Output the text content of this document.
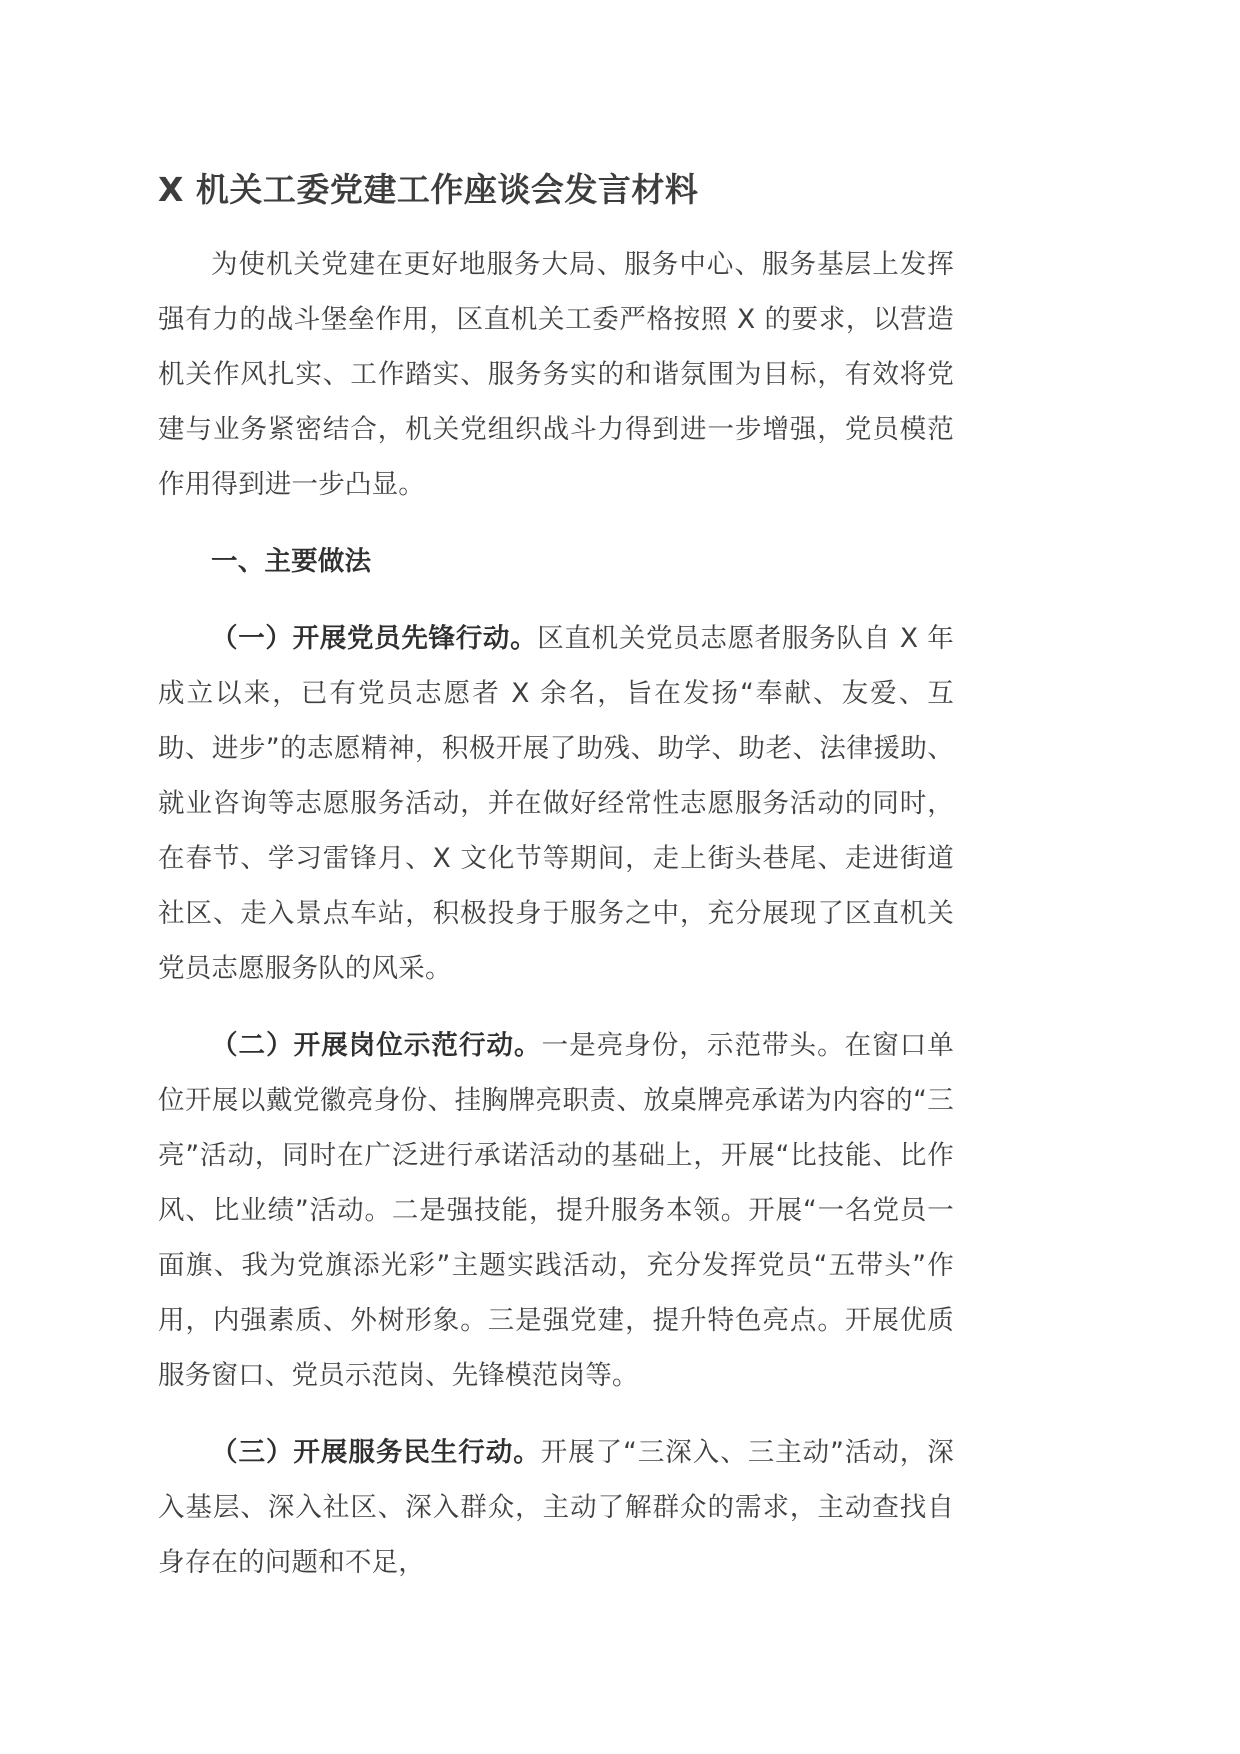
X 机关工委党建工作座谈会发言材料

为使机关党建在更好地服务大局、服务中心、服务基层上发挥强有力的战斗堡垒作用，区直机关工委严格按照 X 的要求，以营造机关作风扎实、工作踏实、服务务实的和谐氛围为目标，有效将党建与业务紧密结合，机关党组织战斗力得到进一步增强，党员模范作用得到进一步凸显。

一、主要做法

（一）开展党员先锋行动。区直机关党员志愿者服务队自 X 年成立以来，已有党员志愿者 X 余名，旨在发扬“奉献、友爱、互助、进步”的志愿精神，积极开展了助残、助学、助老、法律援助、就业咨询等志愿服务活动，并在做好经常性志愿服务活动的同时，在春节、学习雷锋月、X 文化节等期间，走上街头巷尾、走进街道社区、走入景点车站，积极投身于服务之中，充分展现了区直机关党员志愿服务队的风采。

（二）开展岗位示范行动。一是亮身份，示范带头。在窗口单位开展以戴党徽亮身份、挂胸牌亮职责、放桌牌亮承诺为内容的“三亮”活动，同时在广泛进行承诺活动的基础上，开展“比技能、比作风、比业绩”活动。二是强技能，提升服务本领。开展“一名党员一面旗、我为党旗添光彩”主题实践活动，充分发挥党员“五带头”作用，内强素质、外树形象。三是强党建，提升特色亮点。开展优质服务窗口、党员示范岗、先锋模范岗等。

（三）开展服务民生行动。开展了“三深入、三主动”活动，深入基层、深入社区、深入群众，主动了解群众的需求，主动查找自身存在的问题和不足，
